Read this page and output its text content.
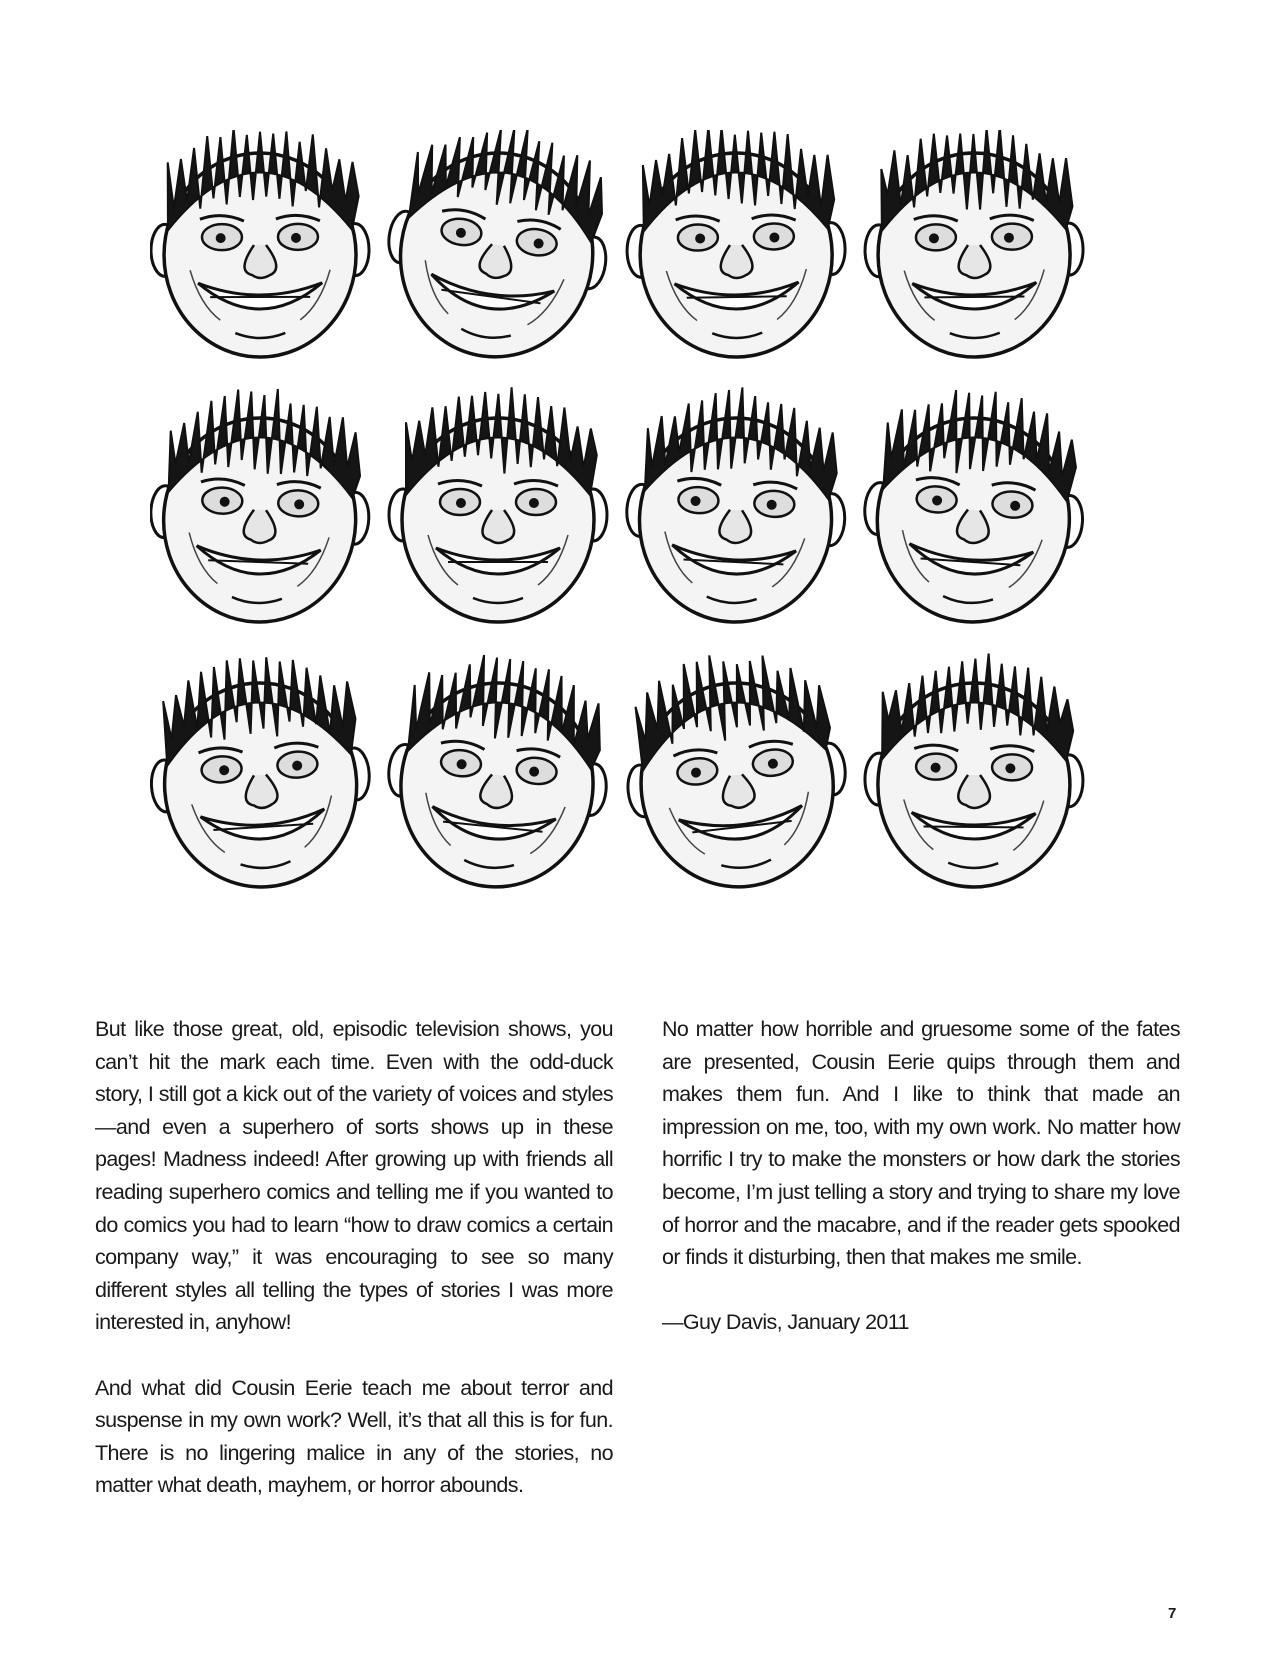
But like those great, old, episodic television shows, you can’t hit the mark each time. Even with the odd-duck story, I still got a kick out of the variety of voices and styles—and even a superhero of sorts shows up in these pages! Madness indeed! After growing up with friends all reading superhero comics and telling me if you wanted to do comics you had to learn “how to draw comics a certain company way,” it was encouraging to see so many different styles all telling the types of stories I was more interested in, anyhow!

And what did Cousin Eerie teach me about terror and suspense in my own work? Well, it’s that all this is for fun. There is no lingering malice in any of the stories, no matter what death, mayhem, or horror abounds.

No matter how horrible and gruesome some of the fates are presented, Cousin Eerie quips through them and makes them fun. And I like to think that made an impression on me, too, with my own work. No matter how horrific I try to make the monsters or how dark the stories become, I’m just telling a story and trying to share my love of horror and the macabre, and if the reader gets spooked or finds it disturbing, then that makes me smile.

—Guy Davis, January 2011

7
